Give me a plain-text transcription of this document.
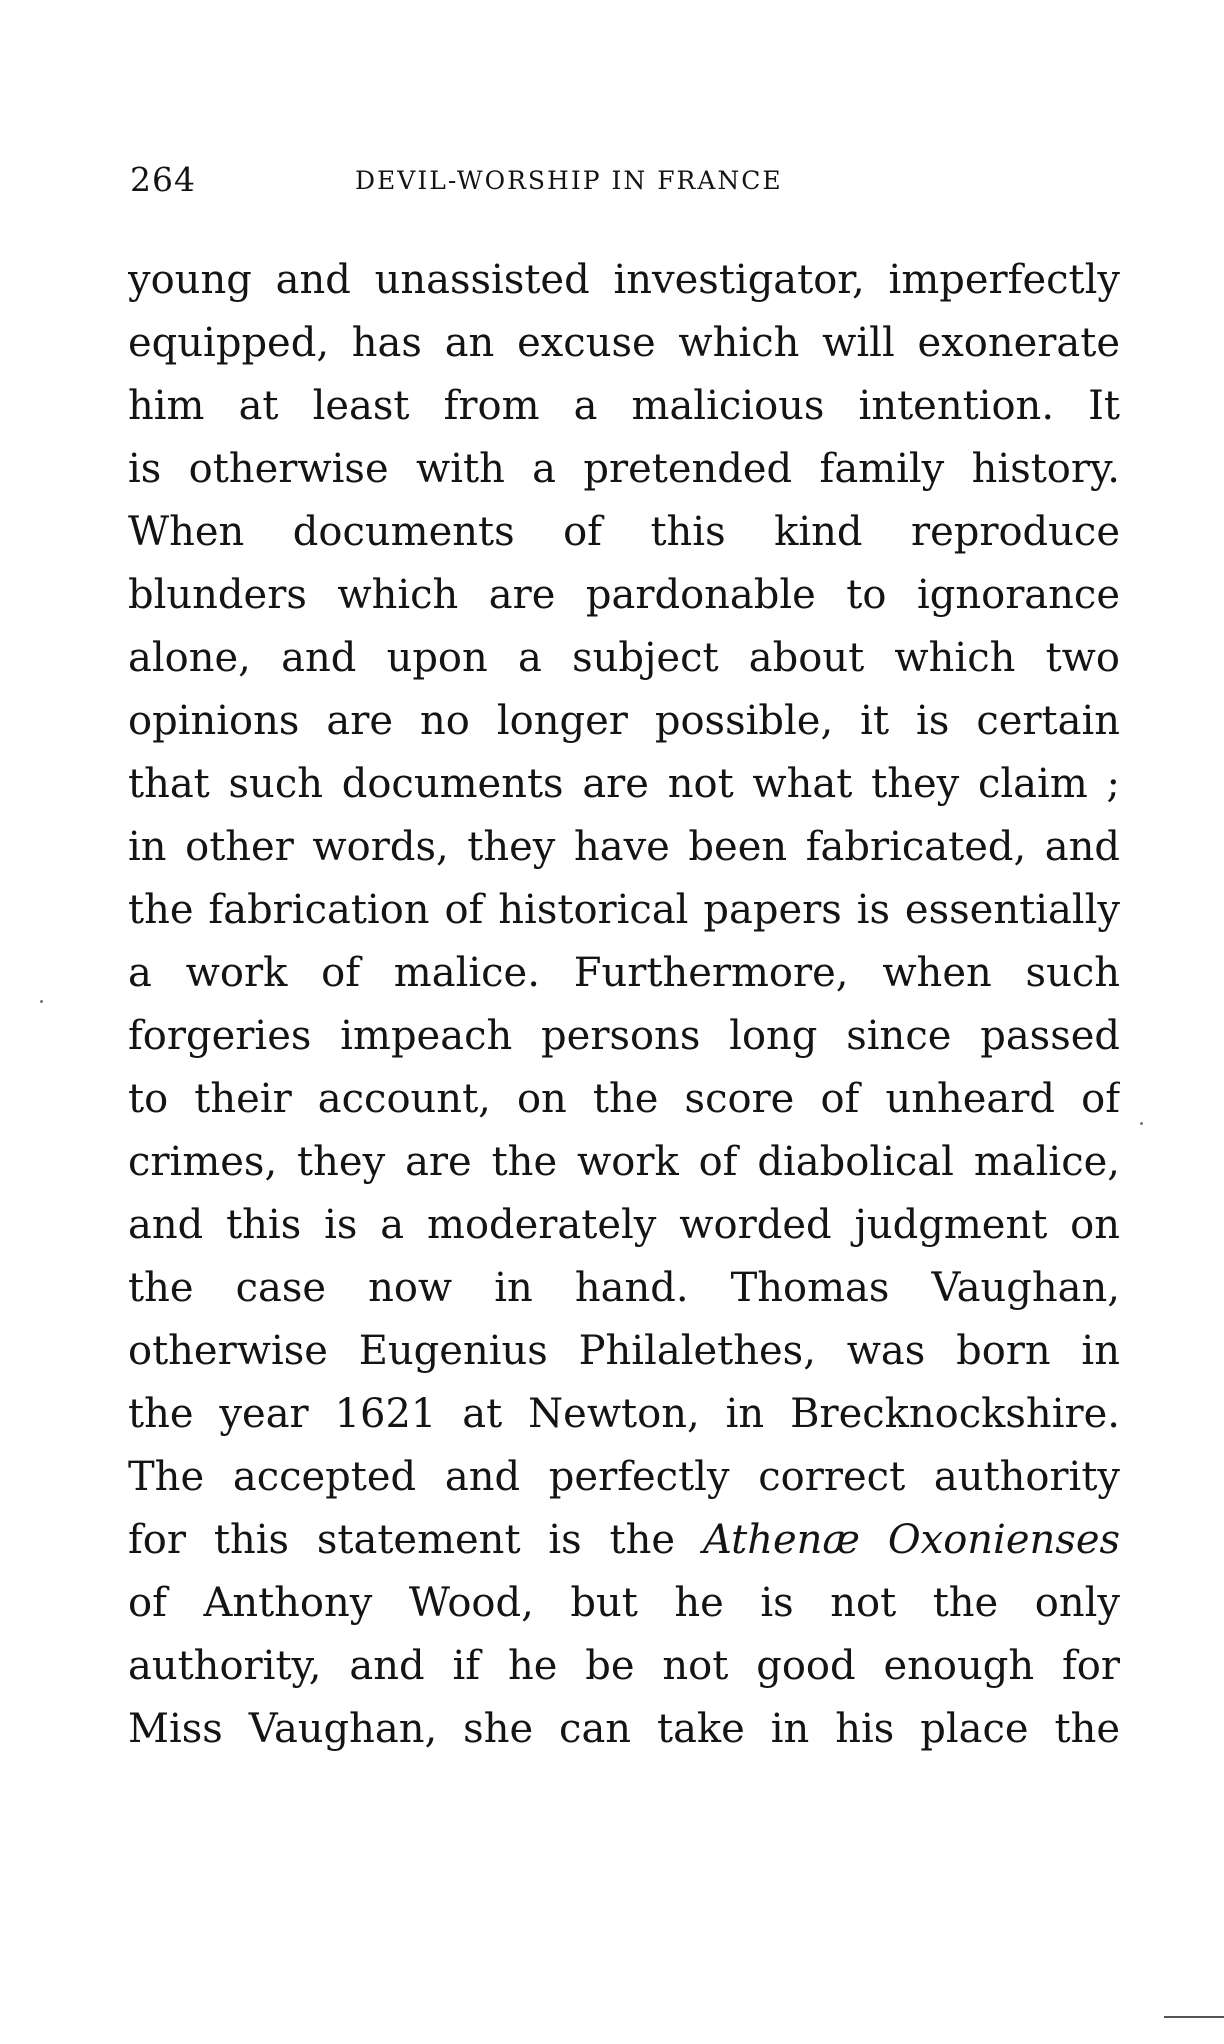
264	DEVIL-WORSHIP IN FRANCE
young and unassisted investigator, imperfectly
equipped, has an excuse which will exonerate
him at least from a malicious intention. It
is otherwise with a pretended family history.
When documents of this kind reproduce
blunders which are pardonable to ignorance
alone, and upon a subject about which two
opinions are no longer possible, it is certain
that such documents are not what they claim ;
in other words, they have been fabricated, and
the fabrication of historical papers is essentially
a work of malice. Furthermore, when such
forgeries impeach persons long since passed
to their account, on the score of unheard of
crimes, they are the work of diabolical malice,
and this is a moderately worded judgment on
the case now in hand. Thomas Vaughan,
otherwise Eugenius Philalethes, was born in
the year 1621 at Newton, in Brecknockshire.
The accepted and perfectly correct authority
for this statement is the Athenæ Oxonienses
of Anthony Wood, but he is not the only
authority, and if he be not good enough for
Miss Vaughan, she can take in his place the
